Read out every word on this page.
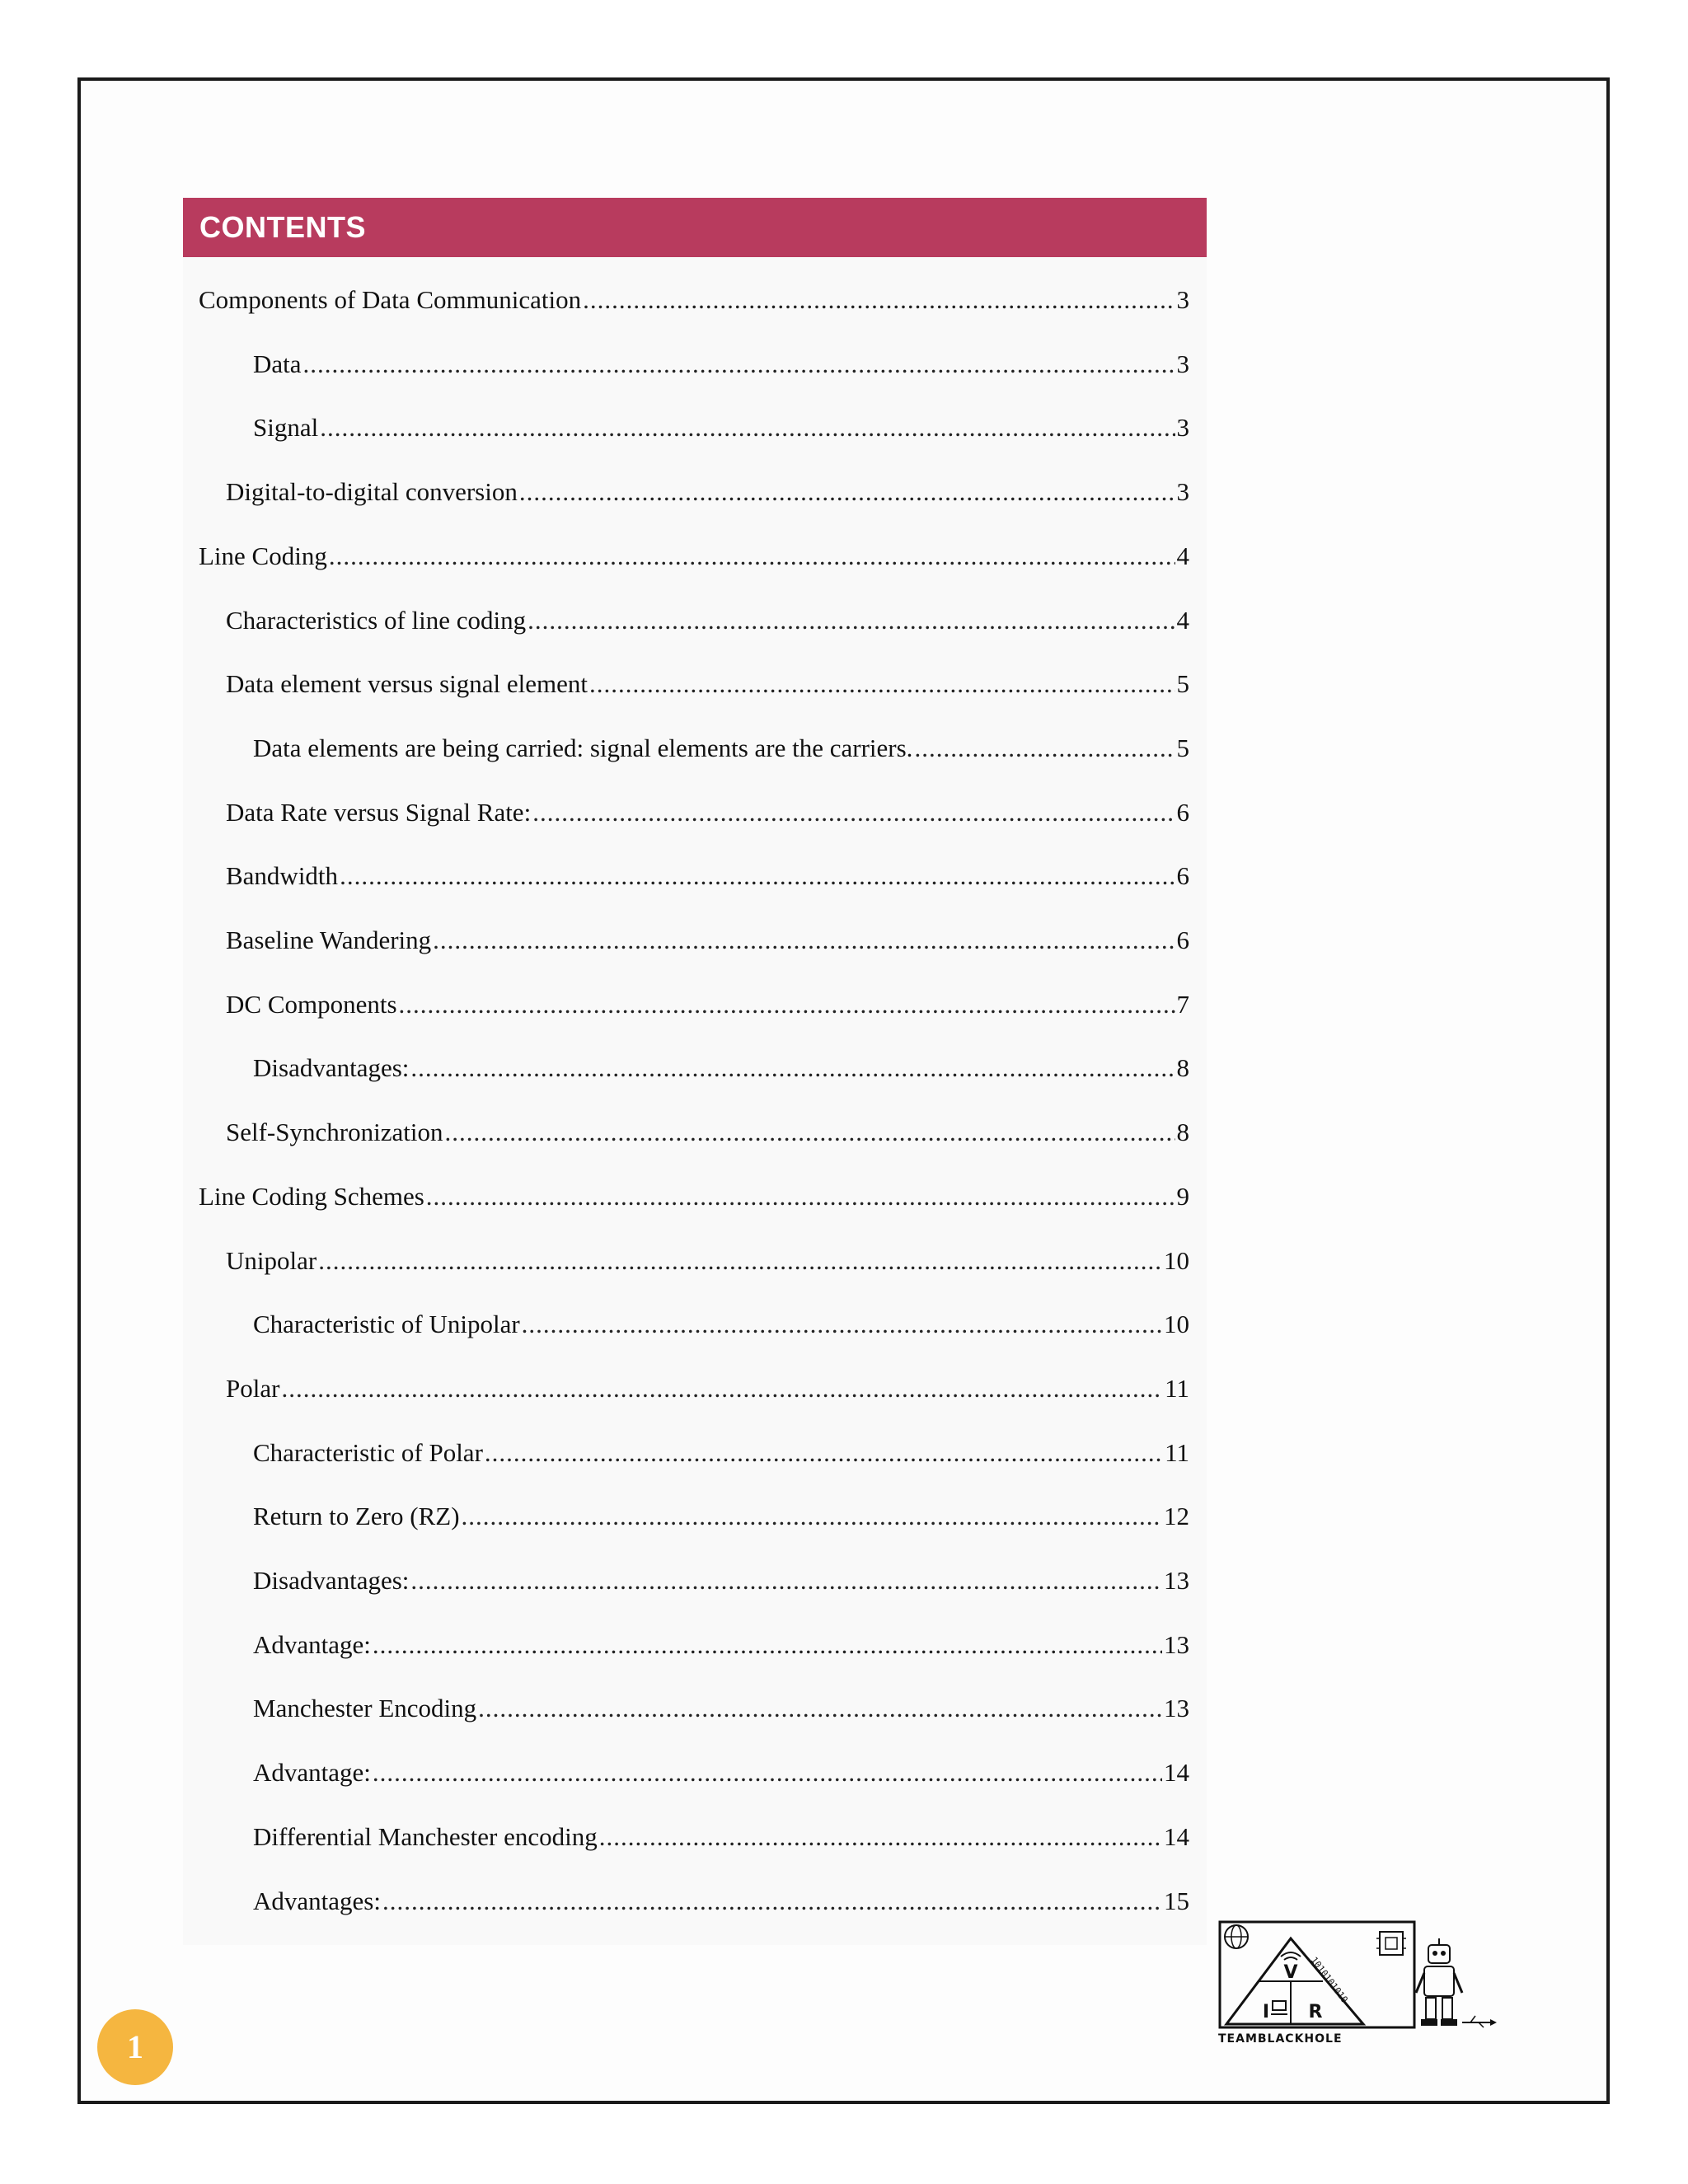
CONTENTS
Components of Data Communication .....	3
Data .....	3
Signal .....	3
Digital-to-digital conversion .....	3
Line Coding .....	4
Characteristics of line coding .....	4
Data element versus signal element .....	5
Data elements are being carried: signal elements are the carriers. .....	5
Data Rate versus Signal Rate: .....	6
Bandwidth .....	6
Baseline Wandering .....	6
DC Components .....	7
Disadvantages: .....	8
Self-Synchronization .....	8
Line Coding Schemes .....	9
Unipolar .....	10
Characteristic of Unipolar .....	10
Polar .....	11
Characteristic of Polar .....	11
Return to Zero (RZ) .....	12
Disadvantages: .....	13
Advantage: .....	13
Manchester Encoding .....	13
Advantage: .....	14
Differential Manchester encoding .....	14
Advantages: .....	15
1
V
I R
1010101010
TEAMBLACKHOLE
